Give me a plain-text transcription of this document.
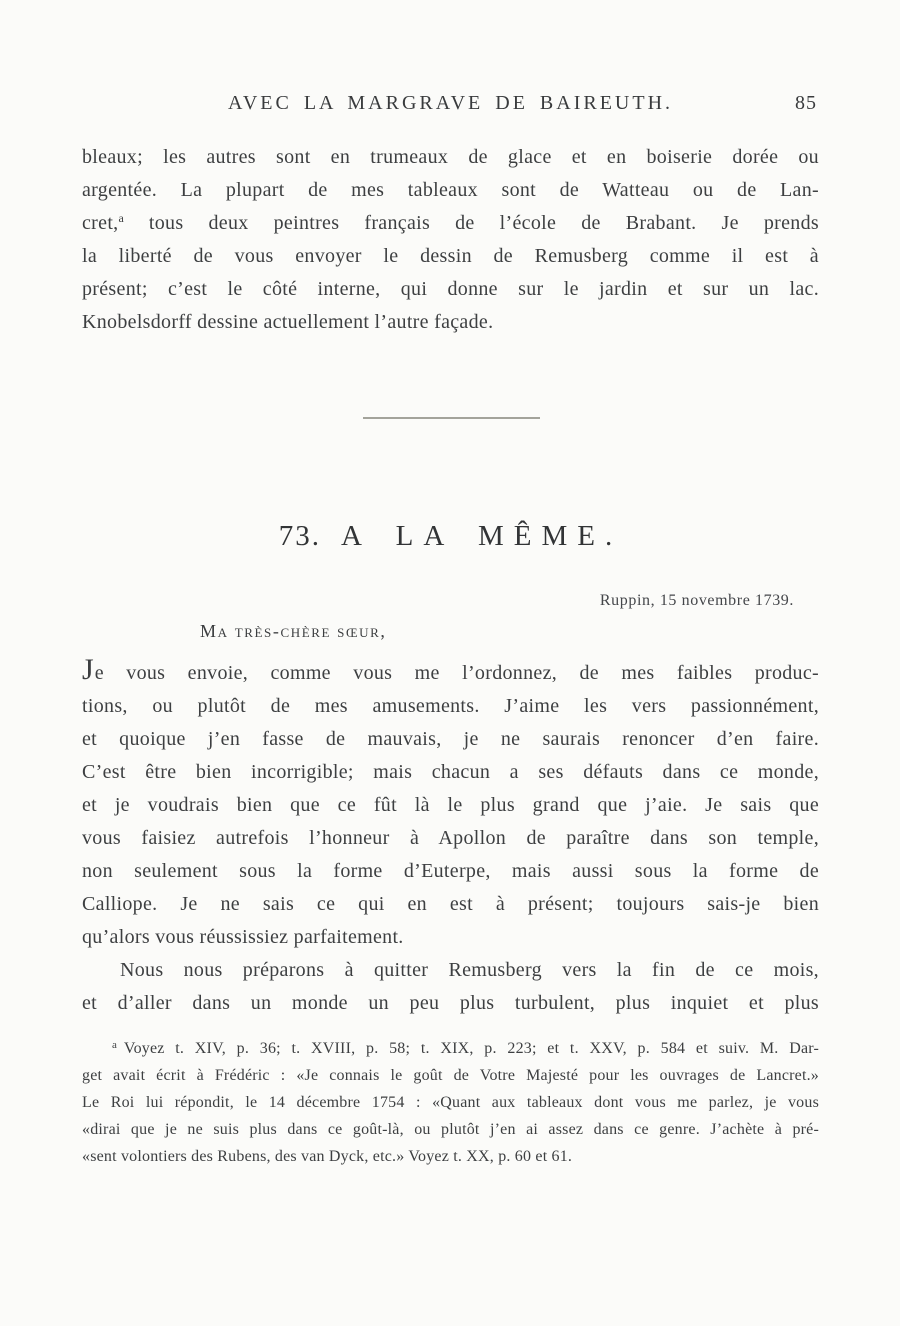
AVEC LA MARGRAVE DE BAIREUTH.	85
bleaux; les autres sont en trumeaux de glace et en boiserie dorée ou
argentée. La plupart de mes tableaux sont de Watteau ou de Lan-
cret,$^a$ tous deux peintres français de l’école de Brabant. Je prends
la liberté de vous envoyer le dessin de Remusberg comme il est à
présent; c’est le côté interne, qui donne sur le jardin et sur un lac.
Knobelsdorff dessine actuellement l’autre façade.
73. A LA MÊME.
Ruppin, 15 novembre 1739.
Ma très-chère sœur,
Je vous envoie, comme vous me l’ordonnez, de mes faibles produc-
tions, ou plutôt de mes amusements. J’aime les vers passionnément,
et quoique j’en fasse de mauvais, je ne saurais renoncer d’en faire.
C’est être bien incorrigible; mais chacun a ses défauts dans ce monde,
et je voudrais bien que ce fût là le plus grand que j’aie. Je sais que
vous faisiez autrefois l’honneur à Apollon de paraître dans son temple,
non seulement sous la forme d’Euterpe, mais aussi sous la forme de
Calliope. Je ne sais ce qui en est à présent; toujours sais-je bien
qu’alors vous réussissiez parfaitement.
Nous nous préparons à quitter Remusberg vers la fin de ce mois,
et d’aller dans un monde un peu plus turbulent, plus inquiet et plus
$^a$ Voyez t. XIV, p. 36; t. XVIII, p. 58; t. XIX, p. 223; et t. XXV, p. 584 et suiv. M. Dar-
get avait écrit à Frédéric : «Je connais le goût de Votre Majesté pour les ouvrages de Lancret.»
Le Roi lui répondit, le 14 décembre 1754 : «Quant aux tableaux dont vous me parlez, je vous
«dirai que je ne suis plus dans ce goût-là, ou plutôt j’en ai assez dans ce genre. J’achète à pré-
«sent volontiers des Rubens, des van Dyck, etc.» Voyez t. XX, p. 60 et 61.
